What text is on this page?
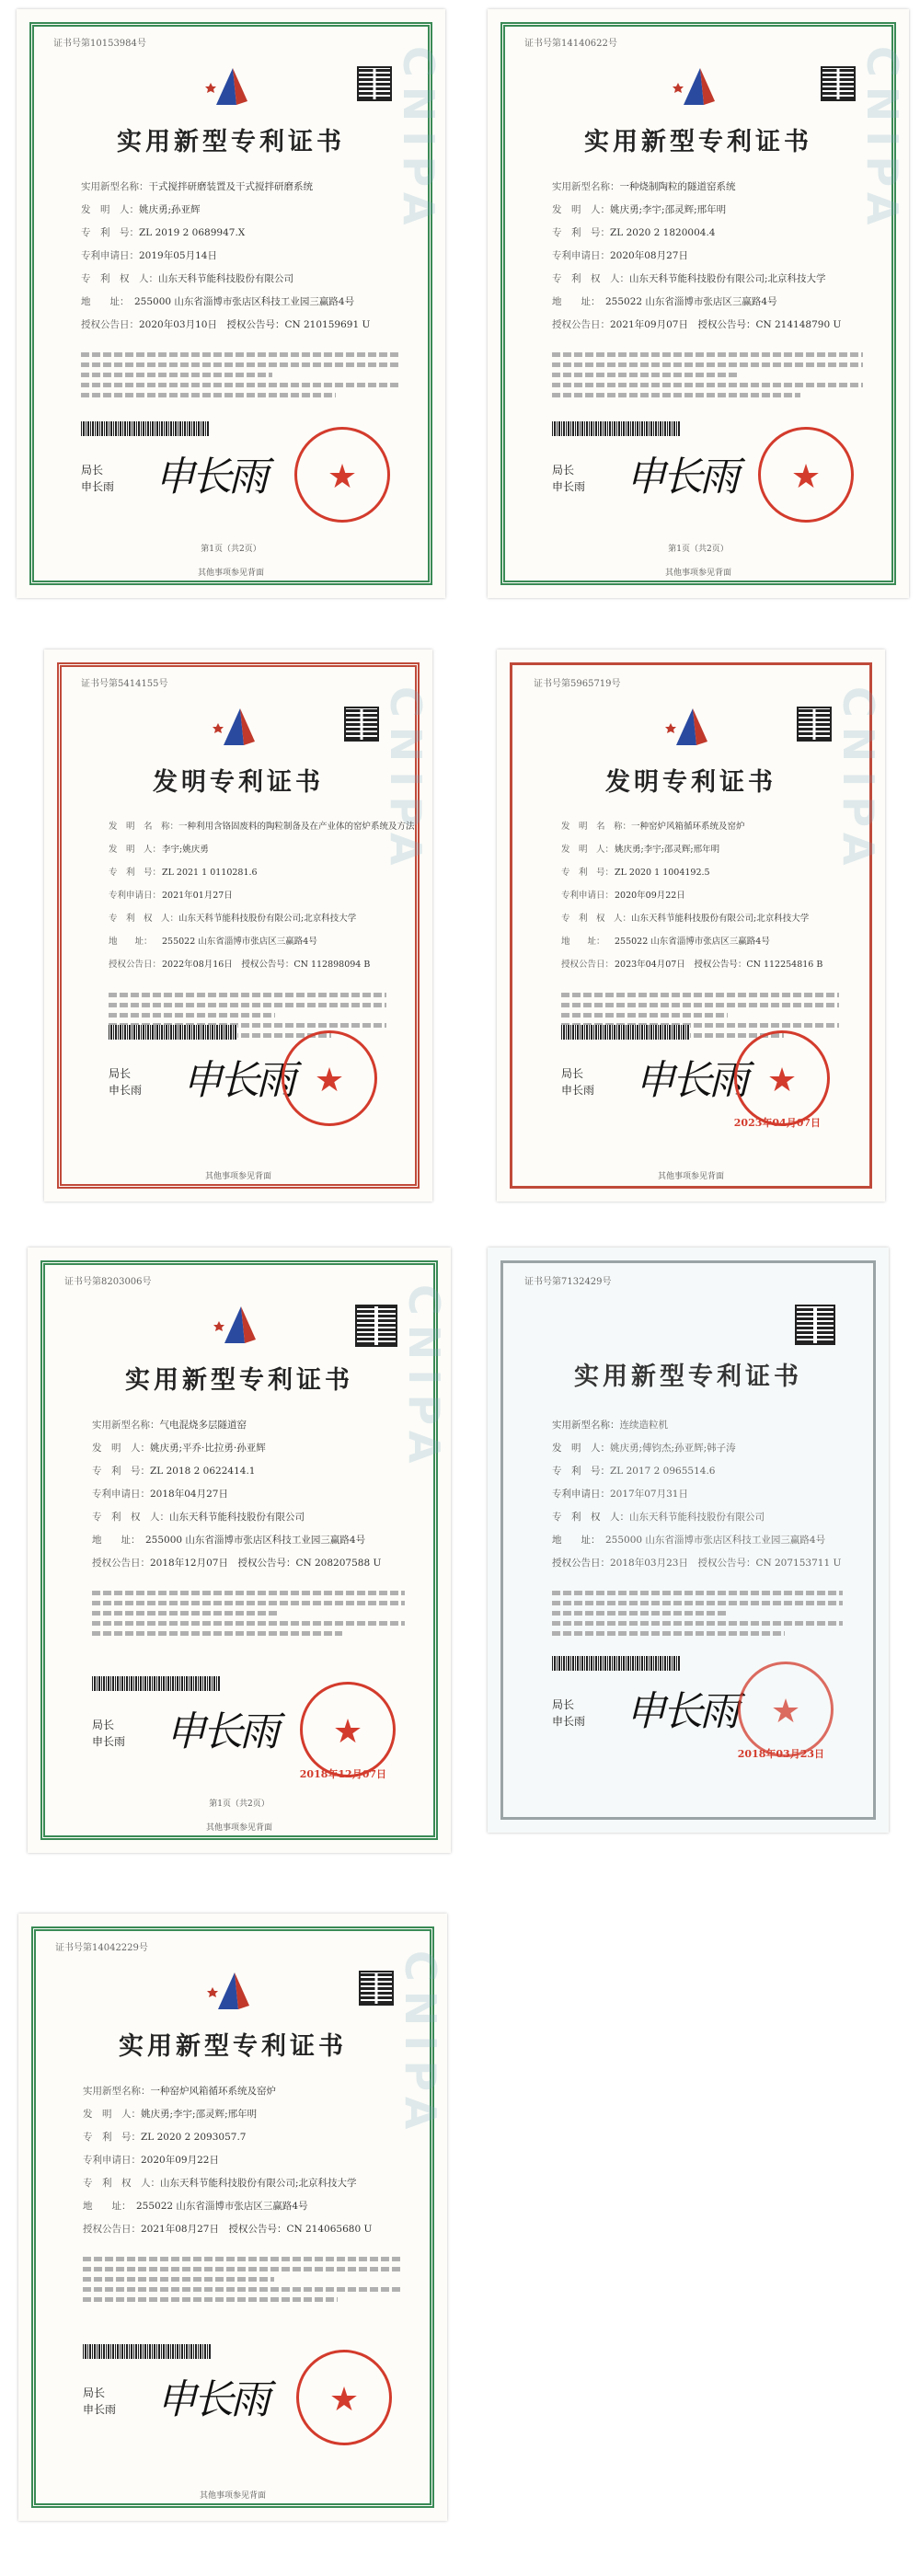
CNIPA
证书号第10153984号
实用新型专利证书
实用新型名称：干式搅拌研磨装置及干式搅拌研磨系统
发　明　人：姚庆勇;孙亚辉
专　利　号：ZL 2019 2 0689947.X
专利申请日：2019年05月14日
专　利　权　人：山东天科节能科技股份有限公司
地　　址： 255000 山东省淄博市张店区科技工业园三赢路4号
授权公告日：2020年03月10日　授权公告号：CN 210159691 U
局长
申长雨 申长雨	★
第1页（共2页）
其他事项参见背面
CNIPA
证书号第14140622号
实用新型专利证书
实用新型名称：一种烧制陶粒的隧道窑系统
发　明　人：姚庆勇;李宇;邵灵辉;邢年明
专　利　号：ZL 2020 2 1820004.4
专利申请日：2020年08月27日
专　利　权　人：山东天科节能科技股份有限公司;北京科技大学
地　　址： 255022 山东省淄博市张店区三赢路4号
授权公告日：2021年09月07日　授权公告号：CN 214148790 U
局长
申长雨 申长雨	★
第1页（共2页）
其他事项参见背面
CNIPA
证书号第5414155号
发明专利证书
发　明　名　称：一种利用含铬固废料的陶粒制备及在产业体的窑炉系统及方法
发　明　人：李宇;姚庆勇
专　利　号：ZL 2021 1 0110281.6
专利申请日：2021年01月27日
专　利　权　人：山东天科节能科技股份有限公司;北京科技大学
地　　址： 255022 山东省淄博市张店区三赢路4号
授权公告日：2022年08月16日　授权公告号：CN 112898094 B
局长
申长雨 申长雨 ★
其他事项参见背面
CNIPA
证书号第5965719号
发明专利证书
发　明　名　称：一种窑炉风箱循环系统及窑炉
发　明　人：姚庆勇;李宇;邵灵辉;邢年明
专　利　号：ZL 2020 1 1004192.5
专利申请日：2020年09月22日
专　利　权　人：山东天科节能科技股份有限公司;北京科技大学
地　　址： 255022 山东省淄博市张店区三赢路4号
授权公告日：2023年04月07日　授权公告号：CN 112254816 B
局长
申长雨 申长雨 ★
2023年04月07日
其他事项参见背面
CNIPA
证书号第8203006号
实用新型专利证书
实用新型名称：气电混烧多层隧道窑
发　明　人：姚庆勇;平乔·比拉勇·孙亚辉
专　利　号：ZL 2018 2 0622414.1
专利申请日：2018年04月27日
专　利　权　人：山东天科节能科技股份有限公司
地　　址： 255000 山东省淄博市张店区科技工业园三赢路4号
授权公告日：2018年12月07日　授权公告号：CN 208207588 U
局长
申长雨 申长雨	★
2018年12月07日
第1页（共2页）
其他事项参见背面
证书号第7132429号
实用新型专利证书
实用新型名称：连续造粒机
发　明　人：姚庆勇;傅钧杰;孙亚辉;韩子涛
专　利　号：ZL 2017 2 0965514.6
专利申请日：2017年07月31日
专　利　权　人：山东天科节能科技股份有限公司
地　　址： 255000 山东省淄博市张店区科技工业园三赢路4号
授权公告日：2018年03月23日　授权公告号：CN 207153711 U
局长
申长雨 申长雨	★
2018年03月23日
CNIPA
证书号第14042229号
实用新型专利证书
实用新型名称：一种窑炉风箱循环系统及窑炉
发　明　人：姚庆勇;李宇;邵灵辉;邢年明
专　利　号：ZL 2020 2 2093057.7
专利申请日：2020年09月22日
专　利　权　人：山东天科节能科技股份有限公司;北京科技大学
地　　址： 255022 山东省淄博市张店区三赢路4号
授权公告日：2021年08月27日　授权公告号：CN 214065680 U
局长
申长雨 申长雨	★
其他事项参见背面
